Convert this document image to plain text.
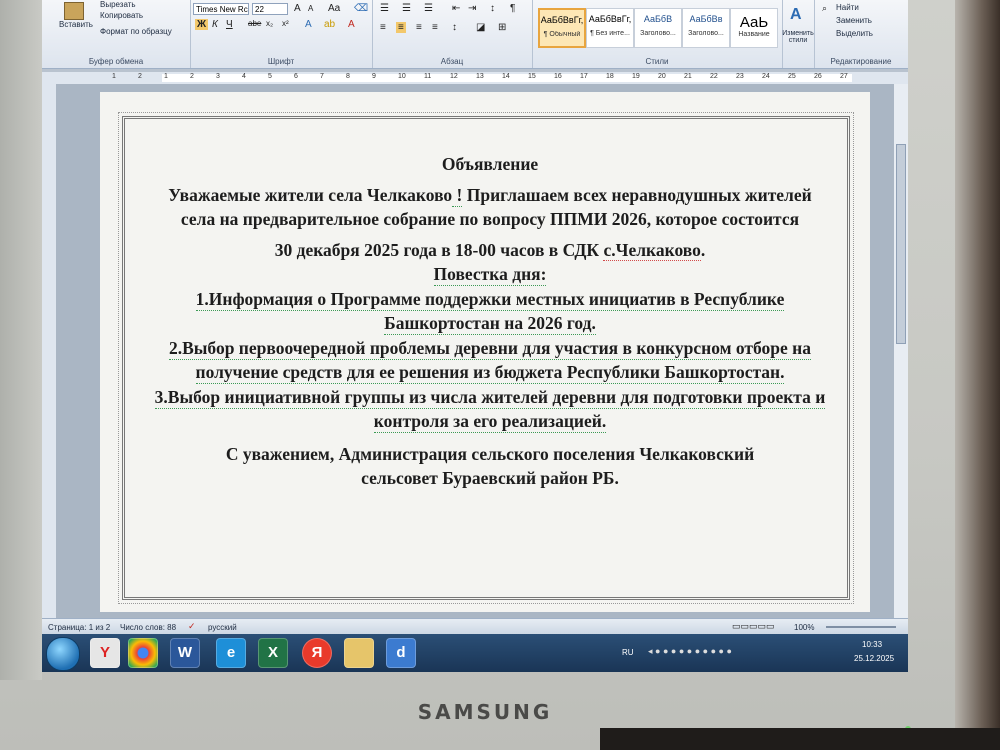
SAMSUNG
Вставить
Вырезать
Копировать
Формат по образцу
Буфер обмена
Times New Rc 22	A A Aa ⌫
Ж К Ч abe x₂ x² A ab A
Шрифт
☰ ☰ ☰ ⇤ ⇥ ↕ ¶
≡ ≡ ≡ ≡ ↕ ◪ ⊞
Абзац
АаБбВвГг,
¶ Обычный
АаБбВвГг,
¶ Без инте...
АаБбВ
Заголово...
АаБбВв
Заголово...
АаЬ
Название
Стили
A
Изменить стили
⌕ Найти
Заменить
Выделить
Редактирование
1	2	1	2	3	4	5	6	7	8	9	10	11	12	13	14	15	16	17	18	19	20	21	22	23	24	25	26	27

Объявление

Уважаемые жители села Челкаково ! Приглашаем всех неравнодушных жителей села на предварительное собрание по вопросу ППМИ 2026, которое состоится

30 декабря 2025 года в 18-00 часов в СДК с.Челкаково.

Повестка дня:

1.Информация о Программе поддержки местных инициатив в Республике Башкортостан на 2026 год.

2.Выбор первоочередной проблемы деревни для участия в конкурсном отборе на получение средств для ее решения из бюджета Республики Башкортостан.

3.Выбор инициативной группы из числа жителей деревни для подготовки проекта и контроля за его реализацией.

С уважением, Администрация сельского поселения Челкаковский сельсовет Бураевский район РБ.

Страница: 1 из 2 Число слов: 88 ✓ русский	▭▭▭▭▭ 100%
Y	W	e	X	Я	d	RU ◂ ● ● ● ● ● ● ● ● ● ●
10:33
25.12.2025
